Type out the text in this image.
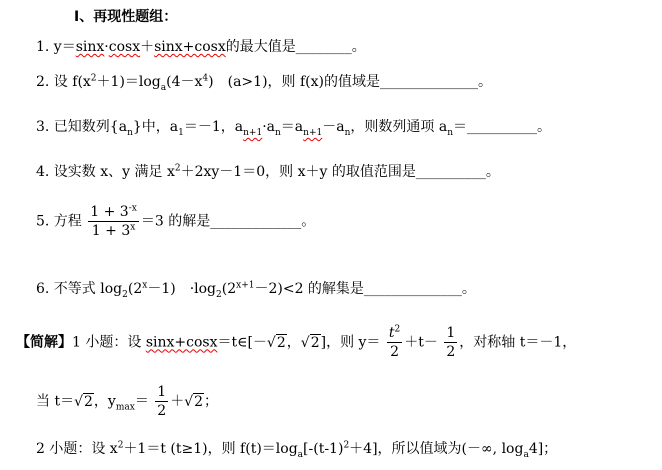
Ⅰ、再现性题组：
1. y＝sinx·cosx＋sinx+cosx的最大值是________。
2. 设 $f(x^2+1)=\log_a(4-x^4)$　(a>1)，则 f(x)的值域是______________。
3. 已知数列$\{a_n\}$中，$a_1=-1$，$a_{n+1}\cdot a_n=a_{n+1}-a_n$，则数列通项 $a_n=\_\_\_\_\_\_\_\_\_\_$。
4. 设实数 x、y 满足 $x^2+2xy-1=0$，则 x＋y 的取值范围是__________。
5. 方程 $\frac{1 + 3^{-x}}{1 + 3^x} =3$ 的解是_____________。
6. 不等式 $\log_2(2^x-1)$　$\cdot\log_2(2^{x+1}-2)<2$ 的解集是______________。
【简解】1 小题：设 sinx+cosx＝t∈[－√2，√2]，则 $y= \frac{t^2}{2} +t- \frac{1}{2}$ ，对称轴 t＝－1，
当 t＝√2，$y_{max}= \frac{1}{2} +√2$；
2 小题：设 $x^2+1=t$ (t≥1)，则 $f(t)=\log_a[-(t-1)^2+4]$，所以值域为(－∞, $\log_a4$]；
